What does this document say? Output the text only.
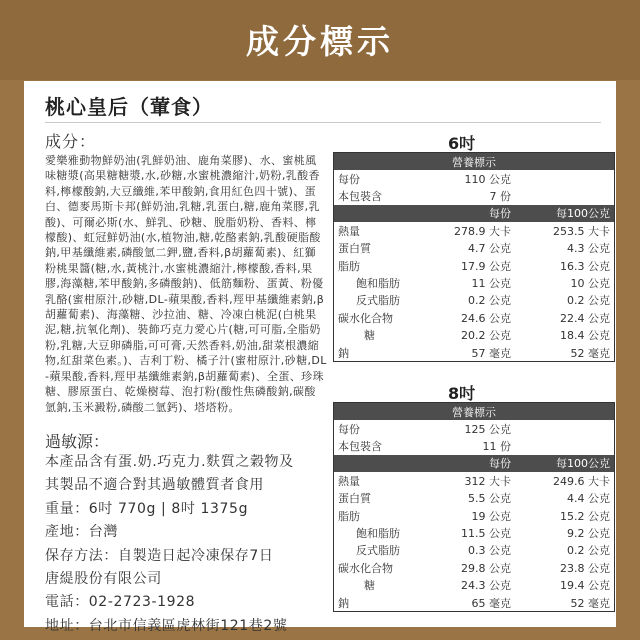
成分標示
桃心皇后（葷食）
成分：
愛樂雅動物鮮奶油(乳鮮奶油、鹿角菜膠)、水、蜜桃風味糖漿(高果糖糖漿,水,砂糖,水蜜桃濃縮汁,奶粉,乳酸香料,檸檬酸鈉,大豆纖維,苯甲酸鈉,食用紅色四十號)、蛋白、德麥馬斯卡邦(鮮奶油,乳糖,乳蛋白,糖,鹿角菜膠,乳酸)、可爾必斯(水、鮮乳、砂糖、脫脂奶粉、香料、檸檬酸)、虹冠鮮奶油(水,植物油,糖,乾酪素鈉,乳酸硬脂酸鈉,甲基纖維素,磷酸氫二鉀,鹽,香料,β胡蘿蔔素)、紅獅粉桃果醬(糖,水,黃桃汁,水蜜桃濃縮汁,檸檬酸,香料,果膠,海藻糖,苯甲酸鈉,多磷酸鈉)、低筋麵粉、蛋黃、粉優乳酪(蜜柑原汁,砂糖,DL-蘋果酸,香料,羥甲基纖維素鈉,β胡蘿蔔素)、海藻糖、沙拉油、糖、冷凍白桃泥(白桃果泥,糖,抗氧化劑)、裝飾巧克力愛心片(糖,可可脂,全脂奶粉,乳糖,大豆卵磷脂,可可膏,天然香料,奶油,甜菜根濃縮物,紅甜菜色素。)、吉利丁粉、橘子汁(蜜柑原汁,砂糖,DL-蘋果酸,香料,羥甲基纖維素鈉,β胡蘿蔔素)、全蛋、珍珠糖、膠原蛋白、乾燥樹莓、泡打粉(酸性焦磷酸鈉,碳酸氫鈉,玉米澱粉,磷酸二氫鈣)、塔塔粉。
過敏源：
本產品含有蛋.奶.巧克力.麩質之穀物及
其製品不適合對其過敏體質者食用
重量：6吋 770g | 8吋 1375g
產地：台灣
保存方法：自製造日起冷凍保存7日
唐緹股份有限公司
電話：02-2723-1928
地址：台北市信義區虎林街121巷2號
6吋
營養標示		
每份	110 公克	
本包裝含	7 份	
	每份	每100公克
熱量	278.9 大卡	253.5 大卡
蛋白質	4.7 公克	4.3 公克
脂肪	17.9 公克	16.3 公克
飽和脂肪	11 公克	10 公克
反式脂肪	0.2 公克	0.2 公克
碳水化合物	24.6 公克	22.4 公克
糖	20.2 公克	18.4 公克
鈉	57 毫克	52 毫克
8吋
營養標示		
每份	125 公克	
本包裝含	11 份	
	每份	每100公克
熱量	312 大卡	249.6 大卡
蛋白質	5.5 公克	4.4 公克
脂肪	19 公克	15.2 公克
飽和脂肪	11.5 公克	9.2 公克
反式脂肪	0.3 公克	0.2 公克
碳水化合物	29.8 公克	23.8 公克
糖	24.3 公克	19.4 公克
鈉	65 毫克	52 毫克
